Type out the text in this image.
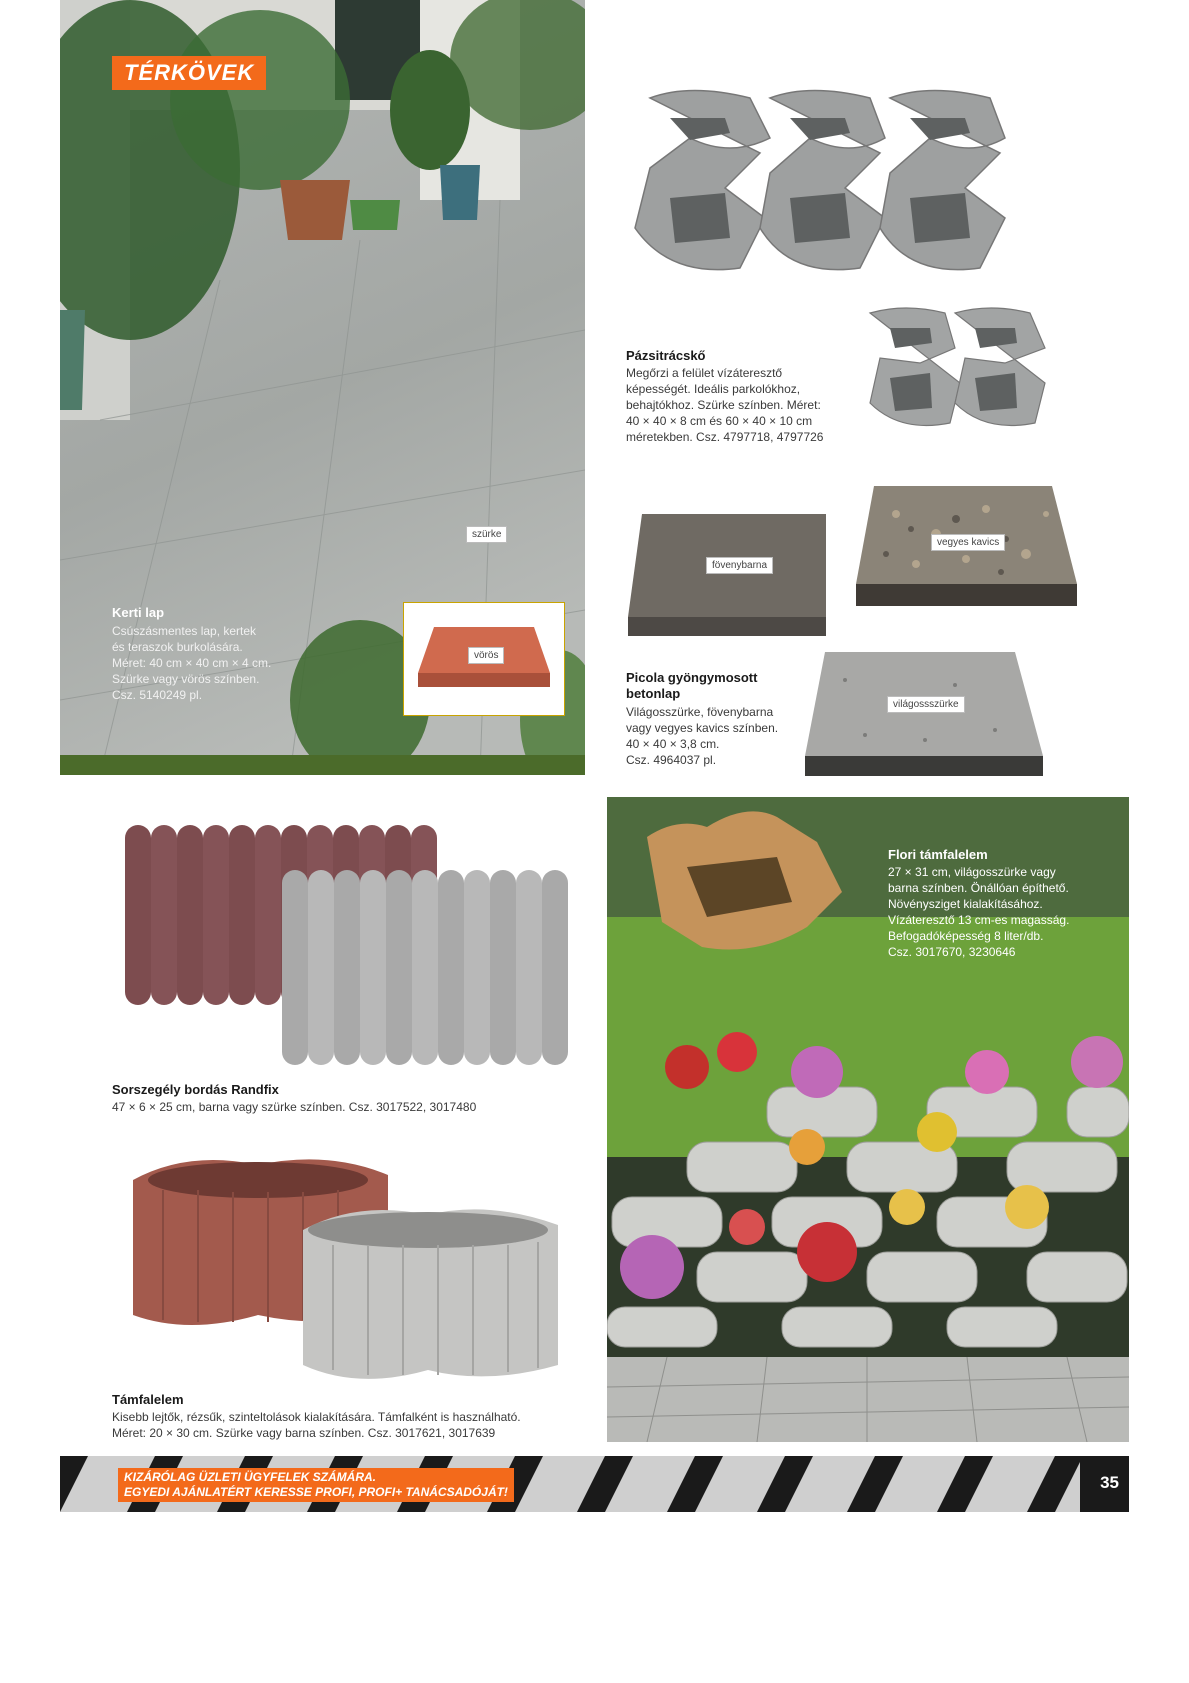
TÉRKÖVEK
szürke
vörös
Kerti lap
Csúszásmentes lap, kertek
és teraszok burkolására.
Méret: 40 cm × 40 cm × 4 cm.
Szürke vagy vörös színben.
Csz. 5140249 pl.
Pázsitrácskő
Megőrzi a felület vízáteresztő
képességét. Ideális parkolókhoz,
behajtókhoz. Szürke színben. Méret:
40 × 40 × 8 cm és 60 × 40 × 10 cm
méretekben. Csz. 4797718, 4797726
fövenybarna
vegyes kavics
világossszürke
Picola gyöngymosott
betonlap
Világosszürke, fövenybarna
vagy vegyes kavics színben.
40 × 40 × 3,8 cm.
Csz. 4964037 pl.
Sorszegély bordás Randfix
47 × 6 × 25 cm, barna vagy szürke színben. Csz. 3017522, 3017480
Támfalelem
Kisebb lejtők, rézsűk, szinteltolások kialakítására. Támfalként is használható.
Méret: 20 × 30 cm. Szürke vagy barna színben. Csz. 3017621, 3017639
Flori támfalelem
27 × 31 cm, világosszürke vagy
barna színben. Önállóan építhető.
Növénysziget kialakításához.
Vízáteresztő 13 cm-es magasság.
Befogadóképesség 8 liter/db.
Csz. 3017670, 3230646
KIZÁRÓLAG ÜZLETI ÜGYFELEK SZÁMÁRA.
EGYEDI AJÁNLATÉRT KERESSE PROFI, PROFI+ TANÁCSADÓJÁT!	35
